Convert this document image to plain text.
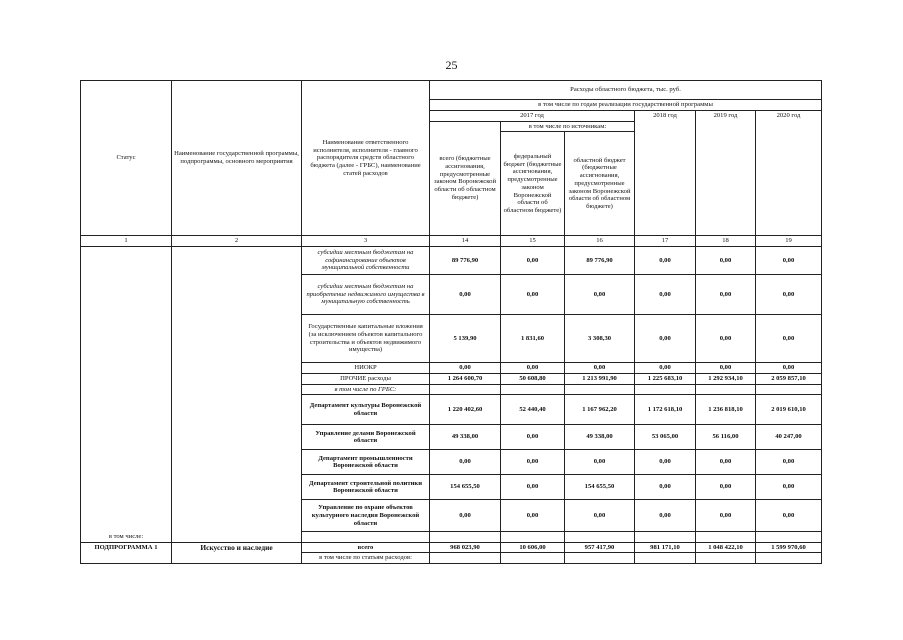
25
Статус	Наименование государственной программы, подпрограммы, основного мероприятия	Наименование ответственного исполнителя, исполнителя - главного распорядителя средств областного бюджета (далее - ГРБС), наименование статей расходов	Расходы областного бюджета, тыс. руб.					
			в том числе по годам реализации государственной программы					
			2017 год			2018 год	2019 год	2020 год
			всего (бюджетные ассигнования, предусмотренные законом Воронежской области об областном бюджете)	в том числе по источникам:				
				федеральный бюджет (бюджетные ассигнования, предусмотренные законом Воронежской области об областном бюджете)	областной бюджет (бюджетные ассигнования, предусмотренные законом Воронежской области об областном бюджете)			
1	2	3	14	15	16	17	18	19
		субсидии местным бюджетам на софинансирование объектов муниципальной собственности	89 776,90	0,00	89 776,90	0,00	0,00	0,00
		субсидии местным бюджетам на приобретение недвижимого имущества в муниципальную собственность	0,00	0,00	0,00	0,00	0,00	0,00
		Государственные капитальные вложения (за исключением объектов капитального строительства и объектов недвижимого имущества)	5 139,90	1 831,60	3 308,30	0,00	0,00	0,00
		НИОКР	0,00	0,00	0,00	0,00	0,00	0,00
		ПРОЧИЕ расходы	1 264 600,70	50 608,80	1 213 991,90	1 225 683,10	1 292 934,10	2 059 857,10
		в том числе по ГРБС:						
		Департамент культуры Воронежской области	1 220 402,60	52 440,40	1 167 962,20	1 172 618,10	1 236 818,10	2 019 610,10
		Управление делами Воронежской области	49 338,00	0,00	49 338,00	53 065,00	56 116,00	40 247,00
		Департамент промышленности Воронежской области	0,00	0,00	0,00	0,00	0,00	0,00
		Департамент строительной политики Воронежской области	154 655,50	0,00	154 655,50	0,00	0,00	0,00
		Управление по охране объектов культурного наследия Воронежской области	0,00	0,00	0,00	0,00	0,00	0,00
в том числе:								
ПОДПРОГРАММА 1	Искусство и наследие	всего	968 023,90	10 606,00	957 417,90	981 171,10	1 048 422,10	1 599 970,60
		в том числе по статьям расходов:						
